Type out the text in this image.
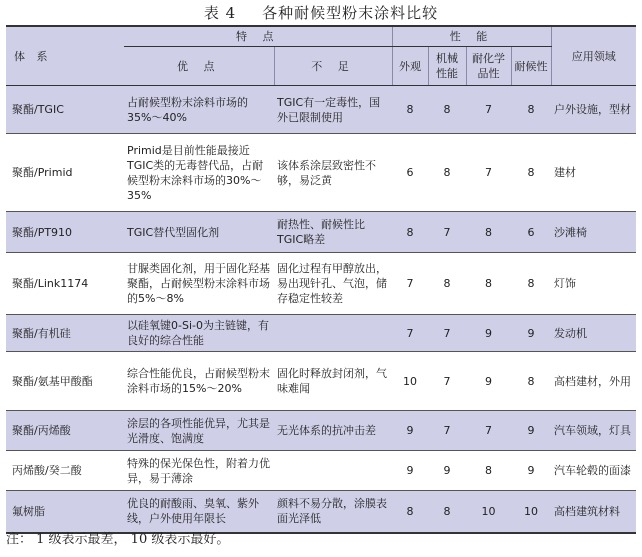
表 4 各种耐候型粉末涂料比较
体 系	特 点		性 能				应用领域
	优 点	不 足	外观	机械性能	耐化学品性	耐候性	
聚酯/TGIC	占耐候型粉末涂料市场的35%～40%	TGIC有一定毒性，国外已限制使用	8	8	7	8	户外设施，型材
聚酯/Primid	Primid是目前性能最接近TGIC类的无毒替代品，占耐候型粉末涂料市场的30%～35%	该体系涂层致密性不够，易泛黄	6	8	7	8	建材
聚酯/PT910	TGIC替代型固化剂	耐热性、耐候性比TGIC略差	8	7	8	6	沙滩椅
聚酯/Link1174	甘脲类固化剂，用于固化羟基聚酯，占耐候型粉末涂料市场的5%～8%	固化过程有甲醇放出，易出现针孔、气泡，储存稳定性较差	7	8	8	8	灯饰
聚酯/有机硅	以硅氧键0-Si-0为主链键，有良好的综合性能		7	7	9	9	发动机
聚酯/氨基甲酸酯	综合性能优良，占耐候型粉末涂料市场的15%～20%	固化时释放封闭剂，气味难闻	10	7	9	8	高档建材，外用
聚酯/丙烯酸	涂层的各项性能优异，尤其是光滑度、饱满度	无光体系的抗冲击差	9	7	7	9	汽车领域，灯具
丙烯酸/癸二酸	特殊的保光保色性，附着力优异，易于薄涂		9	9	8	9	汽车轮毂的面漆
氟树脂	优良的耐酸雨、臭氧、紫外线，户外使用年限长	颜料不易分散，涂膜表面光泽低	8	8	10	10	高档建筑材料
注： 1 级表示最差， 10 级表示最好。
